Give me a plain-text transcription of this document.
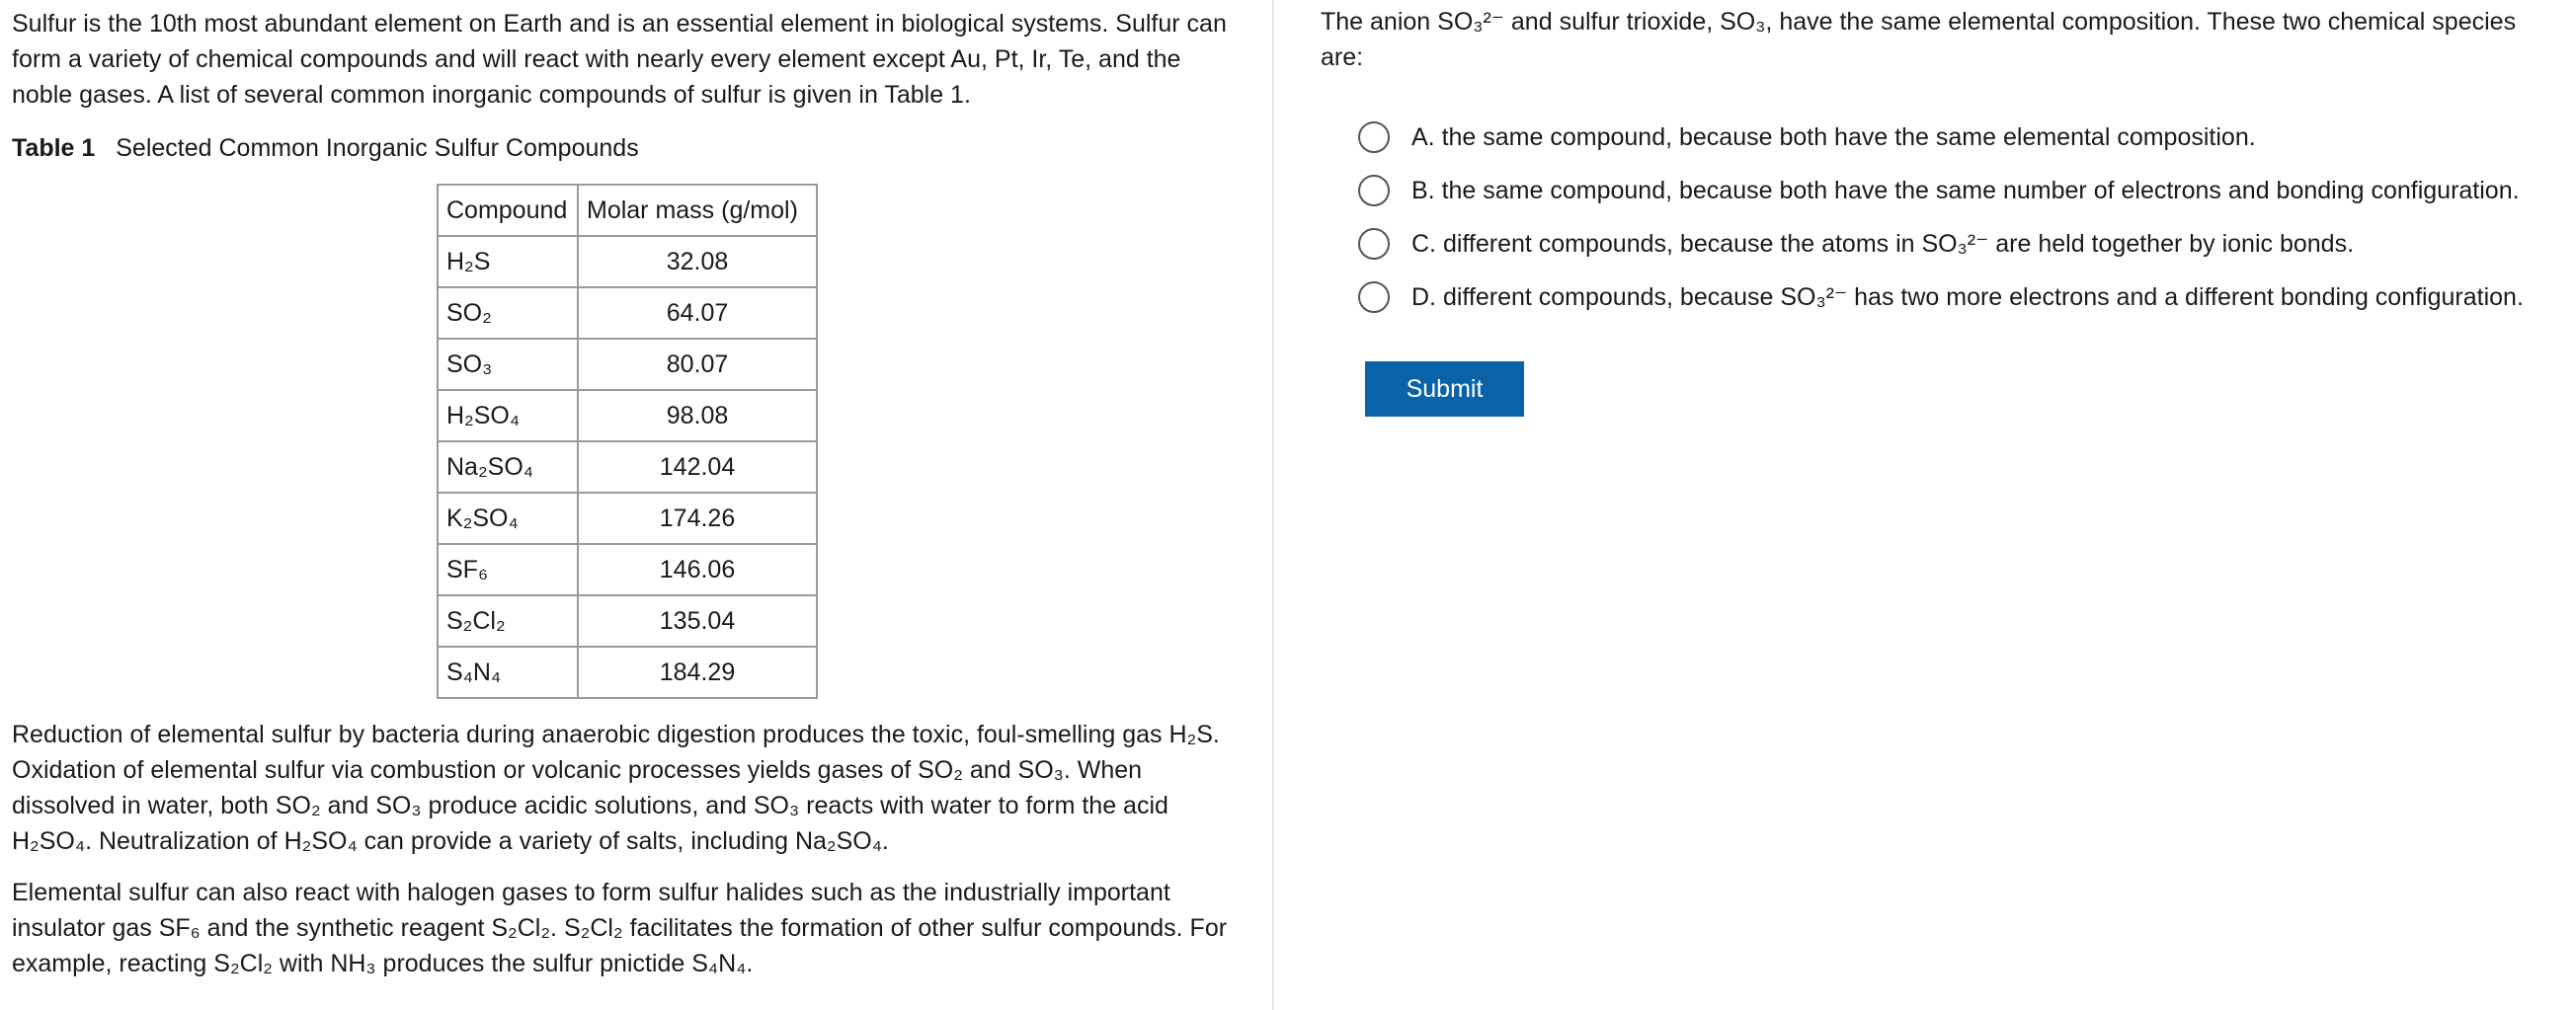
Sulfur is the 10th most abundant element on Earth and is an essential element in biological systems. Sulfur can form a variety of chemical compounds and will react with nearly every element except Au, Pt, Ir, Te, and the noble gases. A list of several common inorganic compounds of sulfur is given in Table 1.

Table 1 Selected Common Inorganic Sulfur Compounds
Compound	Molar mass (g/mol)
H₂S	32.08
SO₂	64.07
SO₃	80.07
H₂SO₄	98.08
Na₂SO₄	142.04
K₂SO₄	174.26
SF₆	146.06
S₂Cl₂	135.04
S₄N₄	184.29

Reduction of elemental sulfur by bacteria during anaerobic digestion produces the toxic, foul-smelling gas H₂S. Oxidation of elemental sulfur via combustion or volcanic processes yields gases of SO₂ and SO₃. When dissolved in water, both SO₂ and SO₃ produce acidic solutions, and SO₃ reacts with water to form the acid H₂SO₄. Neutralization of H₂SO₄ can provide a variety of salts, including Na₂SO₄.

Elemental sulfur can also react with halogen gases to form sulfur halides such as the industrially important insulator gas SF₆ and the synthetic reagent S₂Cl₂. S₂Cl₂ facilitates the formation of other sulfur compounds. For example, reacting S₂Cl₂ with NH₃ produces the sulfur pnictide S₄N₄.

The anion SO₃²⁻ and sulfur trioxide, SO₃, have the same elemental composition. These two chemical species are:

A. the same compound, because both have the same elemental composition.
B. the same compound, because both have the same number of electrons and bonding configuration.
C. different compounds, because the atoms in SO₃²⁻ are held together by ionic bonds.
D. different compounds, because SO₃²⁻ has two more electrons and a different bonding configuration.
Submit
